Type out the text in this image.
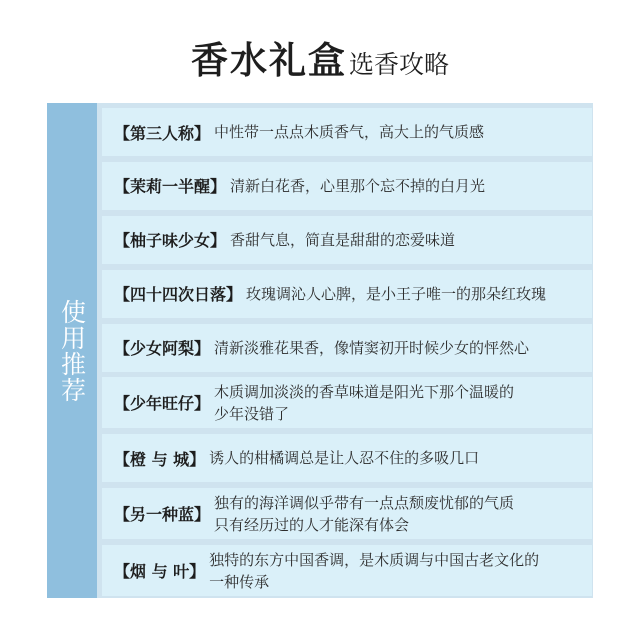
香水礼盒选香攻略
使用推荐
【第三人称】 中性带一点点木质香气，高大上的气质感
【茉莉一半醒】 清新白花香，心里那个忘不掉的白月光
【柚子味少女】 香甜气息，简直是甜甜的恋爱味道
【四十四次日落】 玫瑰调沁人心脾，是小王子唯一的那朵红玫瑰
【少女阿梨】 清新淡雅花果香，像情窦初开时候少女的怦然心
【少年旺仔】
木质调加淡淡的香草味道是阳光下那个温暖的
少年没错了
【橙 与 城】 诱人的柑橘调总是让人忍不住的多吸几口
【另一种蓝】
独有的海洋调似乎带有一点点颓废忧郁的气质
只有经历过的人才能深有体会
【烟 与 叶】
独特的东方中国香调，是木质调与中国古老文化的
一种传承
